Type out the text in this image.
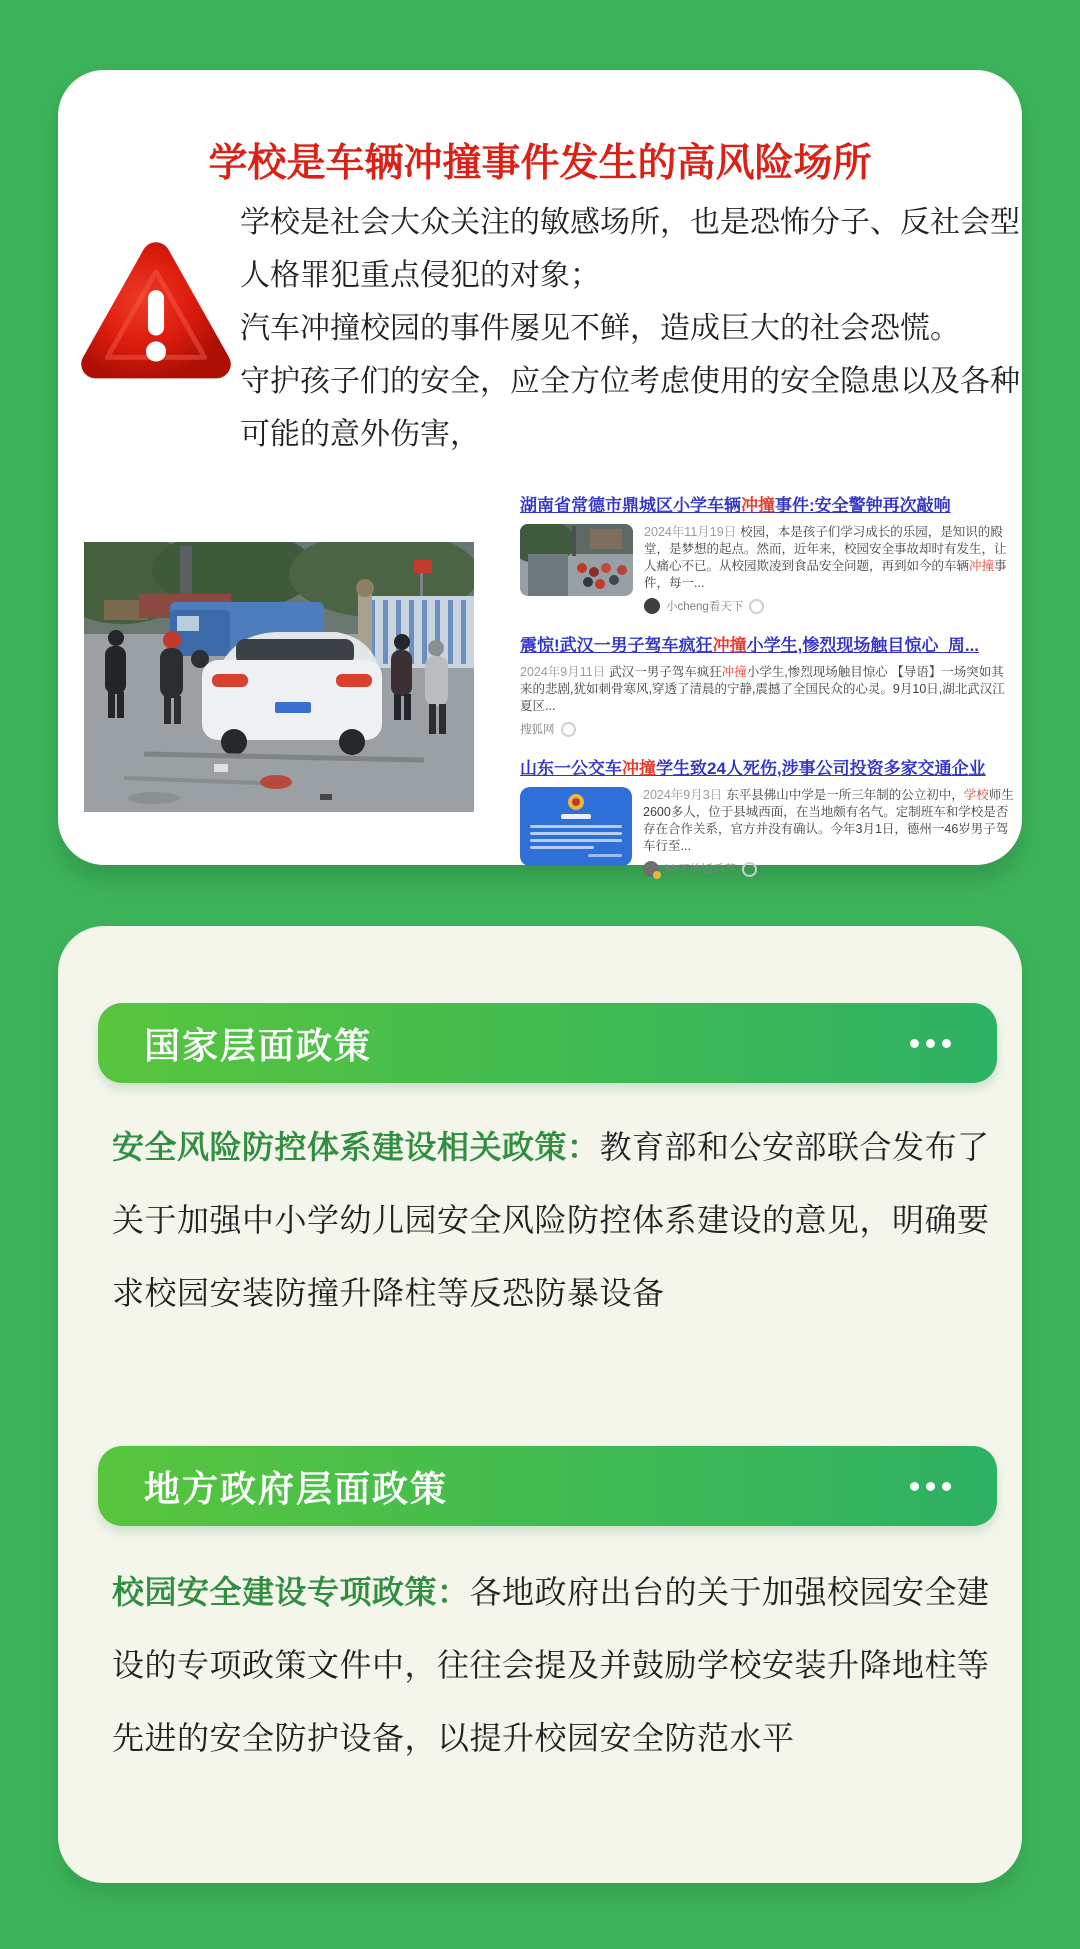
学校是车辆冲撞事件发生的高风险场所

学校是社会大众关注的敏感场所，也是恐怖分子、反社会型人格罪犯重点侵犯的对象；

汽车冲撞校园的事件屡见不鲜，造成巨大的社会恐慌。

守护孩子们的安全，应全方位考虑使用的安全隐患以及各种可能的意外伤害，

湖南省常德市鼎城区小学车辆冲撞事件:安全警钟再次敲响

2024年11月19日 校园，本是孩子们学习成长的乐园，是知识的殿堂，是梦想的起点。然而，近年来，校园安全事故却时有发生，让人痛心不已。从校园欺凌到食品安全问题，再到如今的车辆冲撞事件，每一...

小cheng看天下
震惊!武汉一男子驾车疯狂冲撞小学生,惨烈现场触目惊心_周...

2024年9月11日 武汉一男子驾车疯狂冲撞小学生,惨烈现场触目惊心 【导语】一场突如其来的悲剧,犹如刺骨寒风,穿透了清晨的宁静,震撼了全国民众的心灵。9月10日,湖北武汉江夏区...

搜狐网
山东一公交车冲撞学生致24人死伤,涉事公司投资多家交通企业

2024年9月3日 东平县佛山中学是一所三年制的公立初中，学校师生2600多人，位于县城西面，在当地颇有名气。定制班车和学校是否存在合作关系，官方并没有确认。今年3月1日，德州一46岁男子驾车行至...

Mr王的饭后茶
国家层面政策

安全风险防控体系建设相关政策：教育部和公安部联合发布了关于加强中小学幼儿园安全风险防控体系建设的意见，明确要求校园安装防撞升降柱等反恐防暴设备

地方政府层面政策

校园安全建设专项政策：各地政府出台的关于加强校园安全建设的专项政策文件中，往往会提及并鼓励学校安装升降地柱等先进的安全防护设备，以提升校园安全防范水平
